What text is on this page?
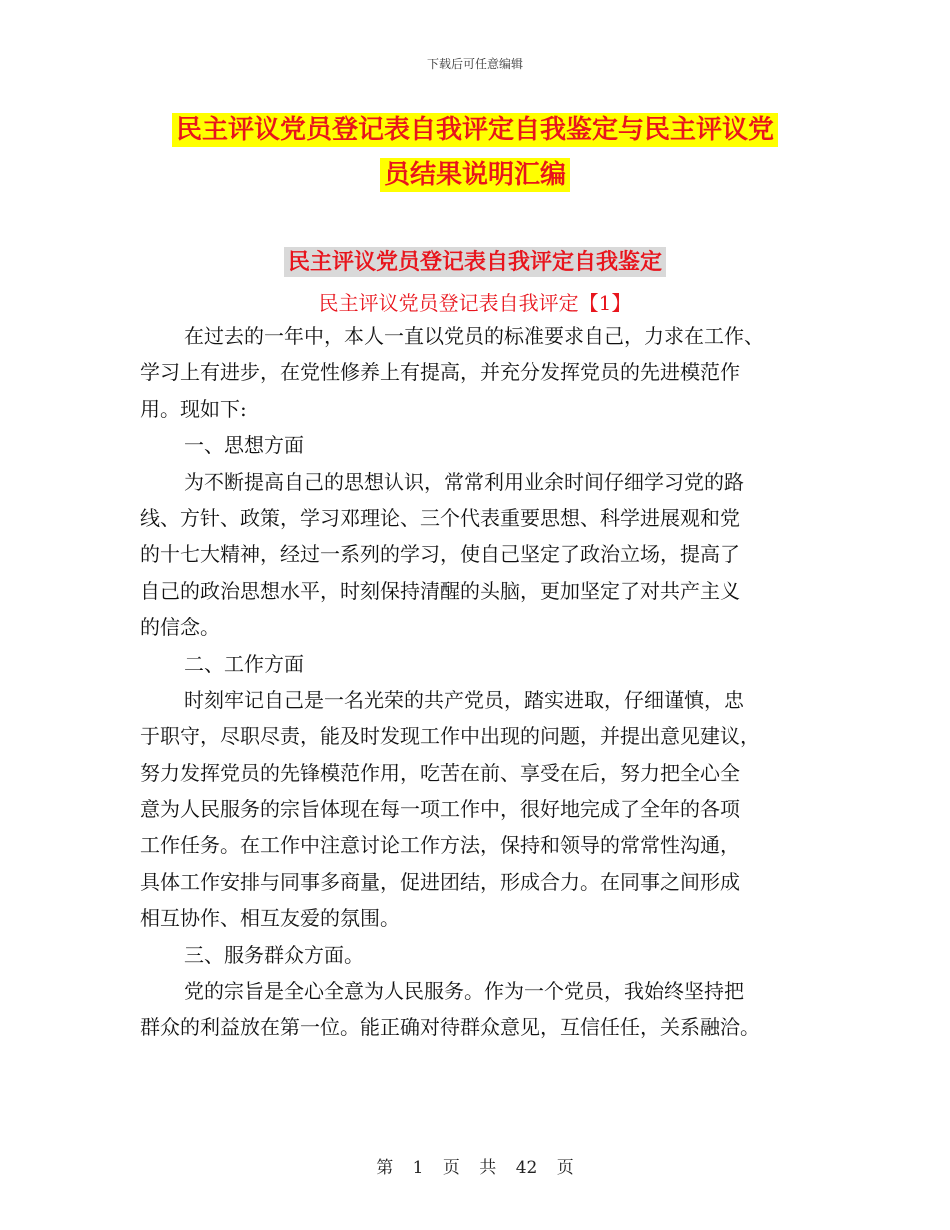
下载后可任意编辑
民主评议党员登记表自我评定自我鉴定与民主评议党
员结果说明汇编
民主评议党员登记表自我评定自我鉴定
民主评议党员登记表自我评定【1】
在过去的一年中，本人一直以党员的标准要求自己，力求在工作、
学习上有进步，在党性修养上有提高，并充分发挥党员的先进模范作
用。现如下:
一、思想方面
为不断提高自己的思想认识，常常利用业余时间仔细学习党的路
线、方针、政策，学习邓理论、三个代表重要思想、科学进展观和党
的十七大精神，经过一系列的学习，使自己坚定了政治立场，提高了
自己的政治思想水平，时刻保持清醒的头脑，更加坚定了对共产主义
的信念。
二、工作方面
时刻牢记自己是一名光荣的共产党员，踏实进取，仔细谨慎，忠
于职守，尽职尽责，能及时发现工作中出现的问题，并提出意见建议，
努力发挥党员的先锋模范作用，吃苦在前、享受在后，努力把全心全
意为人民服务的宗旨体现在每一项工作中，很好地完成了全年的各项
工作任务。在工作中注意讨论工作方法，保持和领导的常常性沟通，
具体工作安排与同事多商量，促进团结，形成合力。在同事之间形成
相互协作、相互友爱的氛围。
三、服务群众方面。
党的宗旨是全心全意为人民服务。作为一个党员，我始终坚持把
群众的利益放在第一位。能正确对待群众意见，互信任任，关系融洽。
第 1 页 共 42 页
